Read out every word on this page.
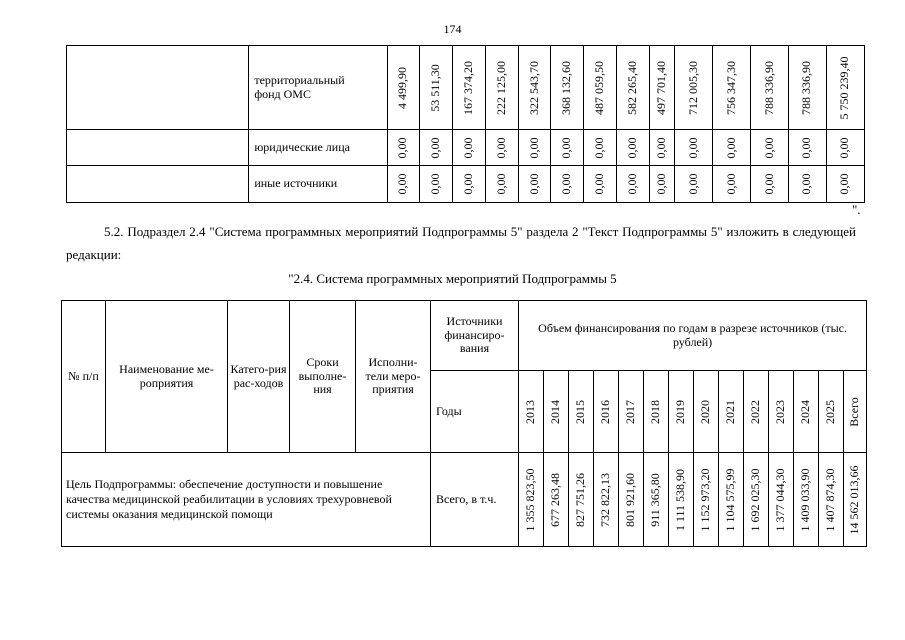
174
	территориальный фонд ОМС	4 499,90	53 511,30	167 374,20	222 125,00	322 543,70	368 132,60	487 059,50	582 265,40	497 701,40	712 005,30	756 347,30	788 336,90	788 336,90	5 750 239,40

	юридические лица	0,00	0,00	0,00	0,00	0,00	0,00	0,00	0,00	0,00	0,00	0,00	0,00	0,00	0,00

	иные источники	0,00	0,00	0,00	0,00	0,00	0,00	0,00	0,00	0,00	0,00	0,00	0,00	0,00	0,00
".
5.2. Подраздел 2.4 "Система программных мероприятий Подпрограммы 5" раздела 2 "Текст Подпрограммы 5" изложить в следующей редакции:
"2.4. Система программных мероприятий Подпрограммы 5
№ п/п	Наименование ме-роприятия	Катего-рия рас-ходов	Сроки выполне-ния	Исполни-тели меро-приятия	Источники финансиро-вания	Объем финансирования по годам в разрезе источников (тыс. рублей)													
					Годы	2013	2014	2015	2016	2017	2018	2019	2020	2021	2022	2023	2024	2025	Всего

Цель Подпрограммы: обеспечение доступности и повышение качества медицинской реабилитации в условиях трехуровневой системы оказания медицинской помощи					Всего, в т.ч.	1 355 823,50	677 263,48	827 751,26	732 822,13	801 921,60	911 365,80	1 111 538,90	1 152 973,20	1 104 575,99	1 692 025,30	1 377 044,30	1 409 033,90	1 407 874,30	14 562 013,66
